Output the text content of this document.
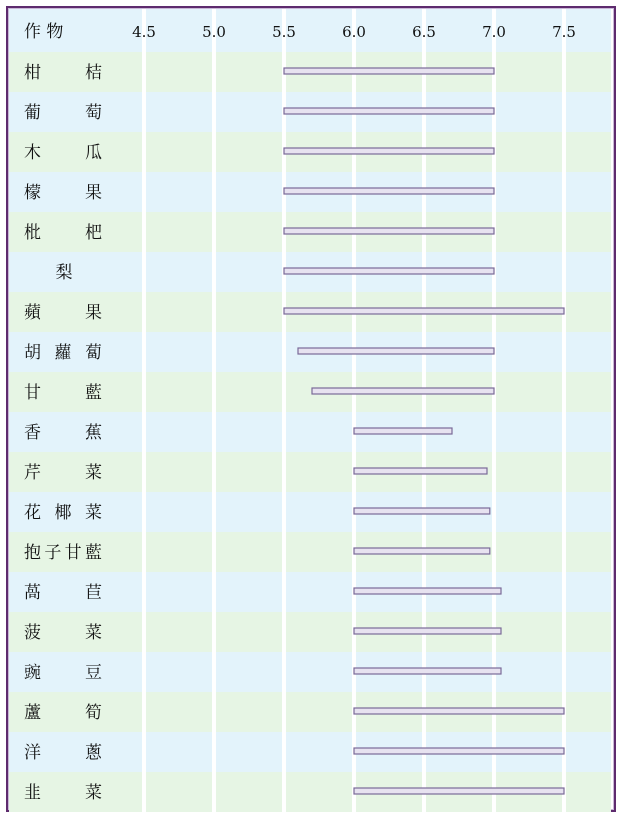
作 物	4.5	5.0	5.5	6.0	6.5	7.0	7.5
柑桔
葡萄
木瓜
檬果
枇杷
梨
蘋果
胡蘿蔔
甘藍
香蕉
芹菜
花椰菜
抱子甘藍
萵苣
菠菜
豌豆
蘆筍
洋蔥
韭菜
